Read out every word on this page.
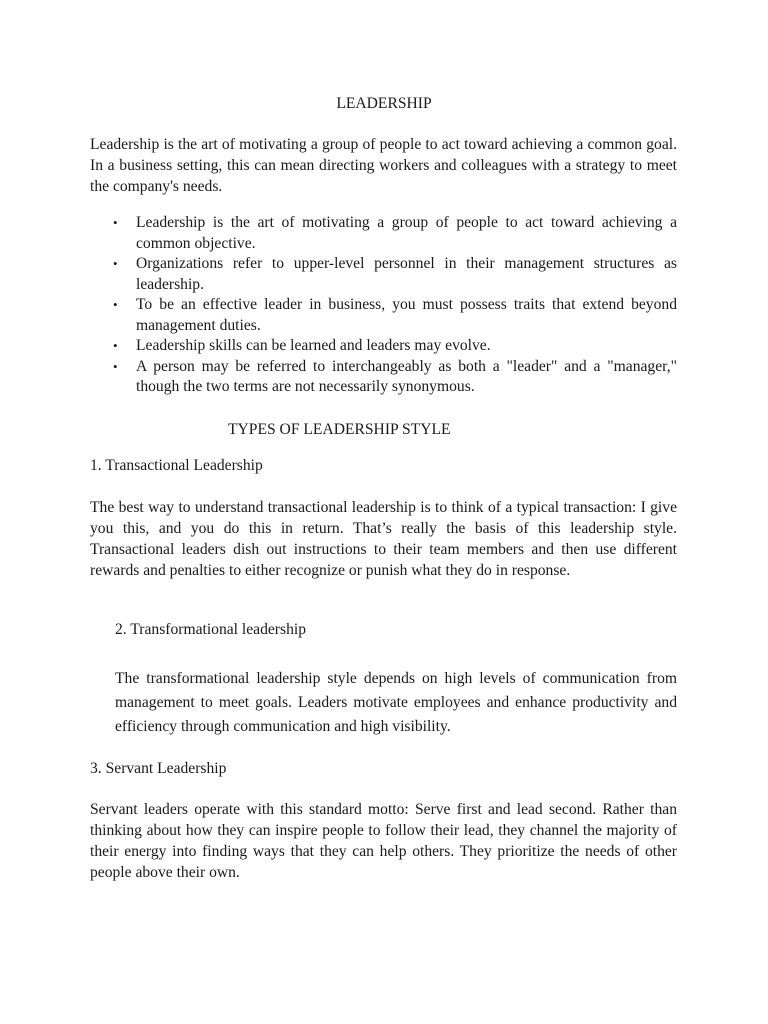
LEADERSHIP

Leadership is the art of motivating a group of people to act toward achieving a common goal. In a business setting, this can mean directing workers and colleagues with a strategy to meet the company's needs.

• Leadership is the art of motivating a group of people to act toward achieving a common objective.
• Organizations refer to upper-level personnel in their management structures as leadership.
• To be an effective leader in business, you must possess traits that extend beyond management duties.
• Leadership skills can be learned and leaders may evolve.
• A person may be referred to interchangeably as both a "leader" and a "manager," though the two terms are not necessarily synonymous.
TYPES OF LEADERSHIP STYLE
1. Transactional Leadership

The best way to understand transactional leadership is to think of a typical transaction: I give you this, and you do this in return. That’s really the basis of this leadership style. Transactional leaders dish out instructions to their team members and then use different rewards and penalties to either recognize or punish what they do in response.

2. Transformational leadership

The transformational leadership style depends on high levels of communication from management to meet goals. Leaders motivate employees and enhance productivity and efficiency through communication and high visibility.

3. Servant Leadership

Servant leaders operate with this standard motto: Serve first and lead second. Rather than thinking about how they can inspire people to follow their lead, they channel the majority of their energy into finding ways that they can help others. They prioritize the needs of other people above their own.
